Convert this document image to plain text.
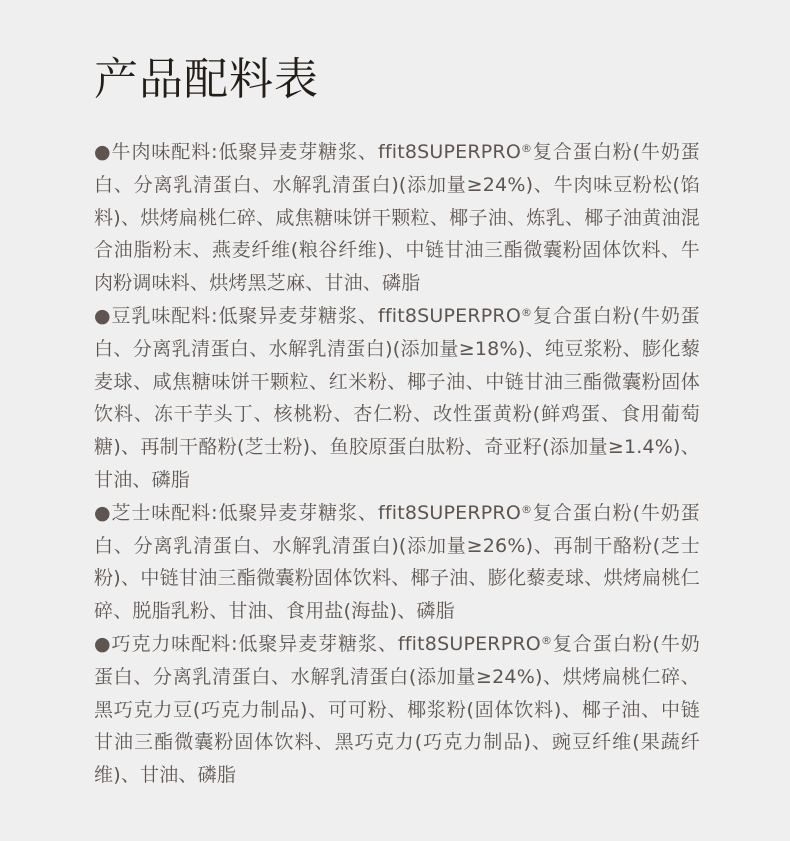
产品配料表

●牛肉味配料:低聚异麦芽糖浆、ffit8SUPERPRO®复合蛋白粉(牛奶蛋白、分离乳清蛋白、水解乳清蛋白)(添加量≥24%)、牛肉味豆粉松(馅料)、烘烤扁桃仁碎、咸焦糖味饼干颗粒、椰子油、炼乳、椰子油黄油混合油脂粉末、燕麦纤维(粮谷纤维)、中链甘油三酯微囊粉固体饮料、牛肉粉调味料、烘烤黑芝麻、甘油、磷脂

●豆乳味配料:低聚异麦芽糖浆、ffit8SUPERPRO®复合蛋白粉(牛奶蛋白、分离乳清蛋白、水解乳清蛋白)(添加量≥18%)、纯豆浆粉、膨化藜麦球、咸焦糖味饼干颗粒、红米粉、椰子油、中链甘油三酯微囊粉固体饮料、冻干芋头丁、核桃粉、杏仁粉、改性蛋黄粉(鲜鸡蛋、食用葡萄糖)、再制干酪粉(芝士粉)、鱼胶原蛋白肽粉、奇亚籽(添加量≥1.4%)、甘油、磷脂

●芝士味配料:低聚异麦芽糖浆、ffit8SUPERPRO®复合蛋白粉(牛奶蛋白、分离乳清蛋白、水解乳清蛋白)(添加量≥26%)、再制干酪粉(芝士粉)、中链甘油三酯微囊粉固体饮料、椰子油、膨化藜麦球、烘烤扁桃仁碎、脱脂乳粉、甘油、食用盐(海盐)、磷脂

●巧克力味配料:低聚异麦芽糖浆、ffit8SUPERPRO®复合蛋白粉(牛奶蛋白、分离乳清蛋白、水解乳清蛋白(添加量≥24%)、烘烤扁桃仁碎、黑巧克力豆(巧克力制品)、可可粉、椰浆粉(固体饮料)、椰子油、中链甘油三酯微囊粉固体饮料、黑巧克力(巧克力制品)、豌豆纤维(果蔬纤维)、甘油、磷脂
